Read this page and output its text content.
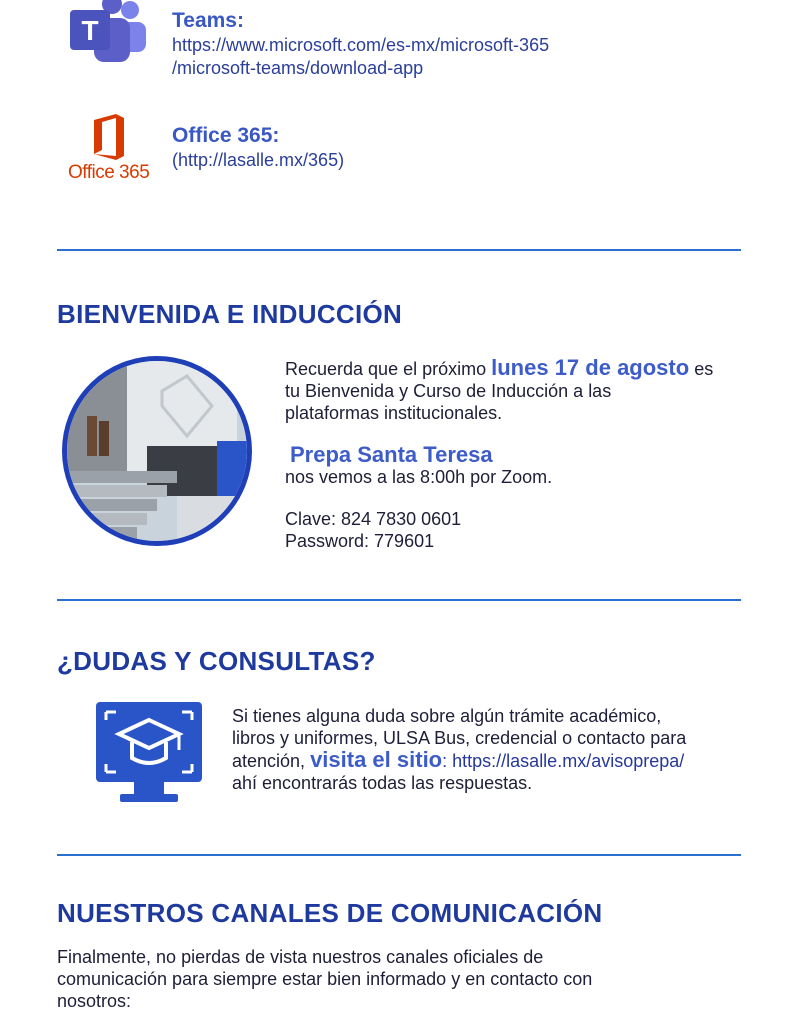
T	Teams:
https://www.microsoft.com/es-mx/microsoft-365
/microsoft-teams/download-app
Office 365
Office 365:
(http://lasalle.mx/365)
BIENVENIDA E INDUCCIÓN
Recuerda que el próximo lunes 17 de agosto es
tu Bienvenida y Curso de Inducción a las
plataformas institucionales.
Prepa Santa Teresa
nos vemos a las 8:00h por Zoom.
Clave: 824 7830 0601
Password: 779601
¿DUDAS Y CONSULTAS?
Si tienes alguna duda sobre algún trámite académico,
libros y uniformes, ULSA Bus, credencial o contacto para
atención, visita el sitio: https://lasalle.mx/avisoprepa/
ahí encontrarás todas las respuestas.
NUESTROS CANALES DE COMUNICACIÓN
Finalmente, no pierdas de vista nuestros canales oficiales de
comunicación para siempre estar bien informado y en contacto con
nosotros:
